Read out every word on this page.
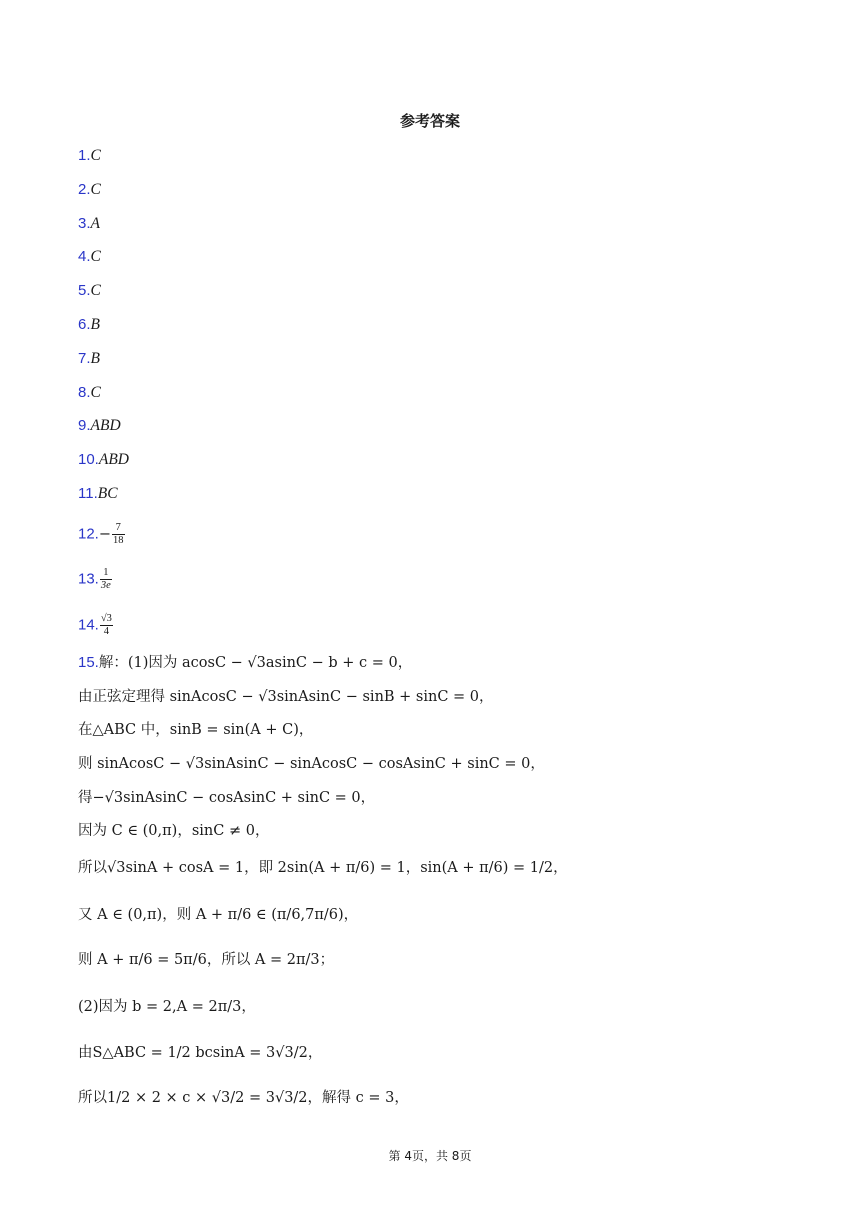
参考答案
1.C
2.C
3.A
4.C
5.C
6.B
7.B
8.C
9.ABD
10.ABD
11.BC
$12.- \frac{7}{18}$
13. $\frac{1}{3e}$
14. $\frac{√3}{4}$
15.解：(1)因为 acosC − √3asinC − b + c = 0，
由正弦定理得 sinAcosC − √3sinAsinC − sinB + sinC = 0，
在△ABC 中，sinB = sin(A + C)，
则 sinAcosC − √3sinAsinC − sinAcosC − cosAsinC + sinC = 0，
得−√3sinAsinC − cosAsinC + sinC = 0，
因为 C ∈ (0,π)，sinC ≠ 0，
所以√3sinA + cosA = 1，即 2sin(A + π/6) = 1，sin(A + π/6) = 1/2，
又 A ∈ (0,π)，则 A + π/6 ∈ (π/6,7π/6)，
则 A + π/6 = 5π/6，所以 A = 2π/3；
(2)因为 b = 2,A = 2π/3，
由S△ABC = 1/2 bcsinA = 3√3/2，
所以1/2 × 2 × c × √3/2 = 3√3/2，解得 c = 3，
第 4页，共 8页
